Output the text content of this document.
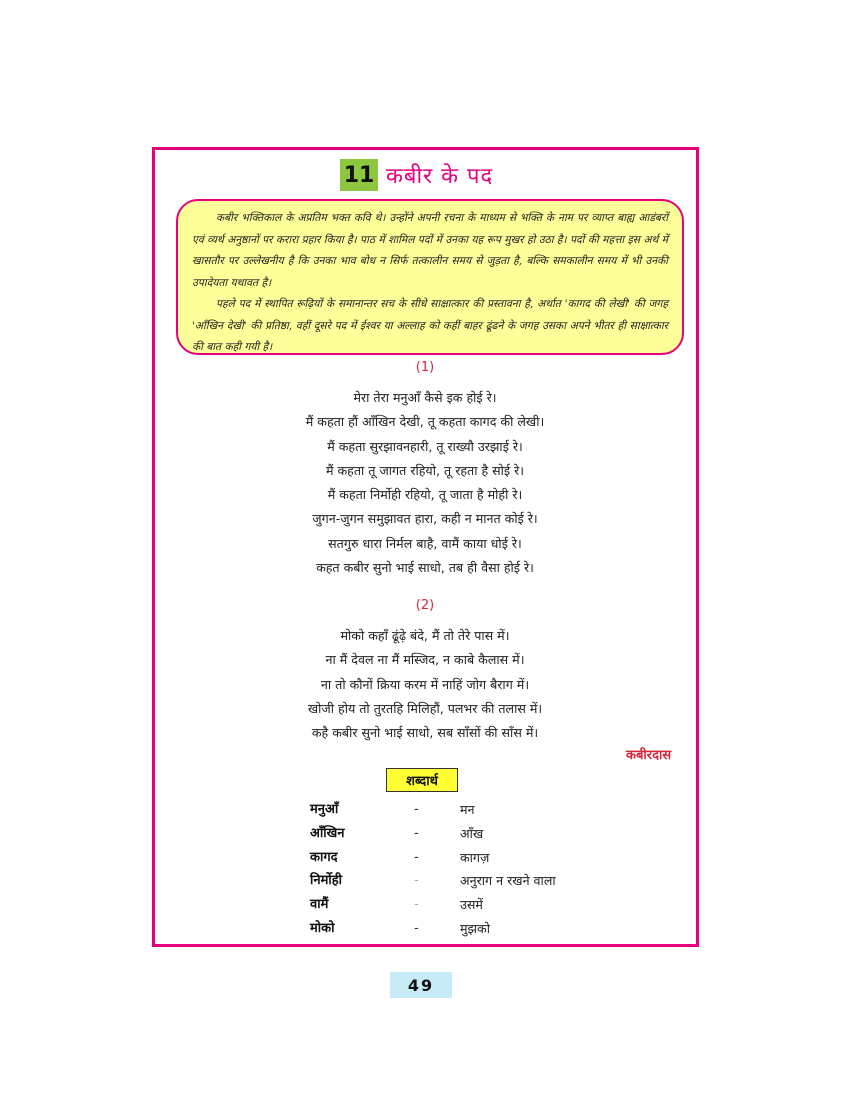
11 कबीर के पद

कबीर भक्तिकाल के अप्रतिम भक्त कवि थे। उन्होंने अपनी रचना के माध्यम से भक्ति के नाम पर व्याप्त बाह्य आडंबरों एवं व्यर्थ अनुष्ठानों पर करारा प्रहार किया है। पाठ में शामिल पदों में उनका यह रूप मुखर हो उठा है। पदों की महत्ता इस अर्थ में खासतौर पर उल्लेखनीय है कि उनका भाव बोध न सिर्फ तत्कालीन समय से जुड़ता है, बल्कि समकालीन समय में भी उनकी उपादेयता यथावत है।

पहले पद में स्थापित रूढ़ियों के समानान्तर सच के सीधे साक्षात्कार की प्रस्तावना है, अर्थात 'कागद की लेखी' की जगह 'आँखिन देखी' की प्रतिष्ठा, वहीं दूसरे पद में ईश्वर या अल्लाह को कहीं बाहर ढूंढने के जगह उसका अपने भीतर ही साक्षात्कार की बात कही गयी है।

(1)
मेरा तेरा मनुआँ कैसे इक होई रे।
मैं कहता हौं आँखिन देखी, तू कहता कागद की लेखी।
मैं कहता सुरझावनहारी, तू राख्यौ उरझाई रे।
मैं कहता तू जागत रहियो, तू रहता है सोई रे।
मैं कहता निर्मोही रहियो, तू जाता है मोही रे।
जुगन-जुगन समुझावत हारा, कही न मानत कोई रे।
सतगुरु धारा निर्मल बाहै, वामैं काया धोई रे।
कहत कबीर सुनो भाई साधो, तब ही वैसा होई रे।
(2)
मोको कहाँ ढूंढ़े बंदे, मैं तो तेरे पास में।
ना मैं देवल ना मैं मस्जिद, न काबे कैलास में।
ना तो कौनों क्रिया करम में नाहिं जोग बैराग में।
खोजी होय तो तुरतहि मिलिहौं, पलभर की तलास में।
कहै कबीर सुनो भाई साधो, सब साँसों की साँस में।
कबीरदास
शब्दार्थ
मनुआँ	-	मन
आँखिन	-	आँख
कागद	-	कागज़
निर्मोही	-	अनुराग न रखने वाला
वामैं	-	उसमें
मोको	-	मुझको
49
